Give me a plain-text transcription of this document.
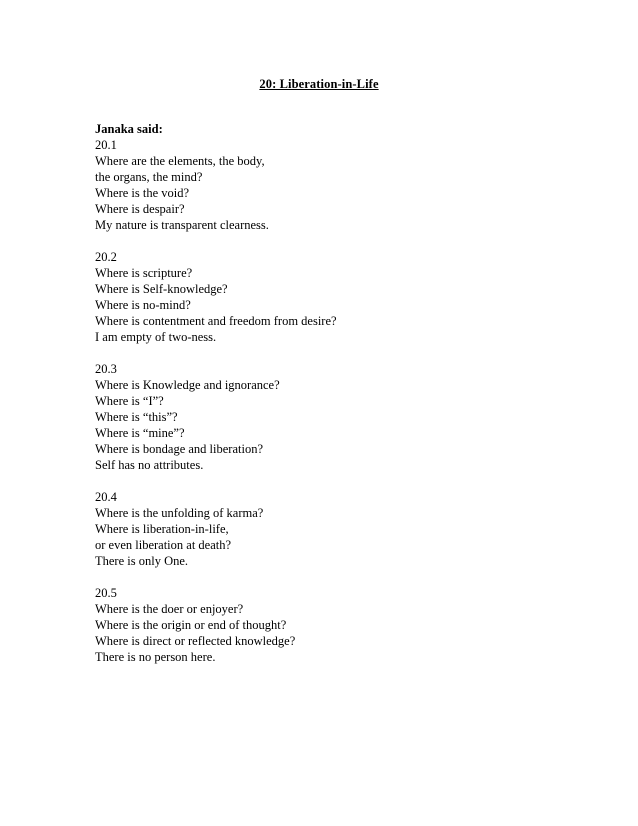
20: Liberation-in-Life

Janaka said:

20.1
Where are the elements, the body,
the organs, the mind?
Where is the void?
Where is despair?
My nature is transparent clearness.
20.2
Where is scripture?
Where is Self-knowledge?
Where is no-mind?
Where is contentment and freedom from desire?
I am empty of two-ness.
20.3
Where is Knowledge and ignorance?
Where is “I”?
Where is “this”?
Where is “mine”?
Where is bondage and liberation?
Self has no attributes.
20.4
Where is the unfolding of karma?
Where is liberation-in-life,
or even liberation at death?
There is only One.
20.5
Where is the doer or enjoyer?
Where is the origin or end of thought?
Where is direct or reflected knowledge?
There is no person here.
